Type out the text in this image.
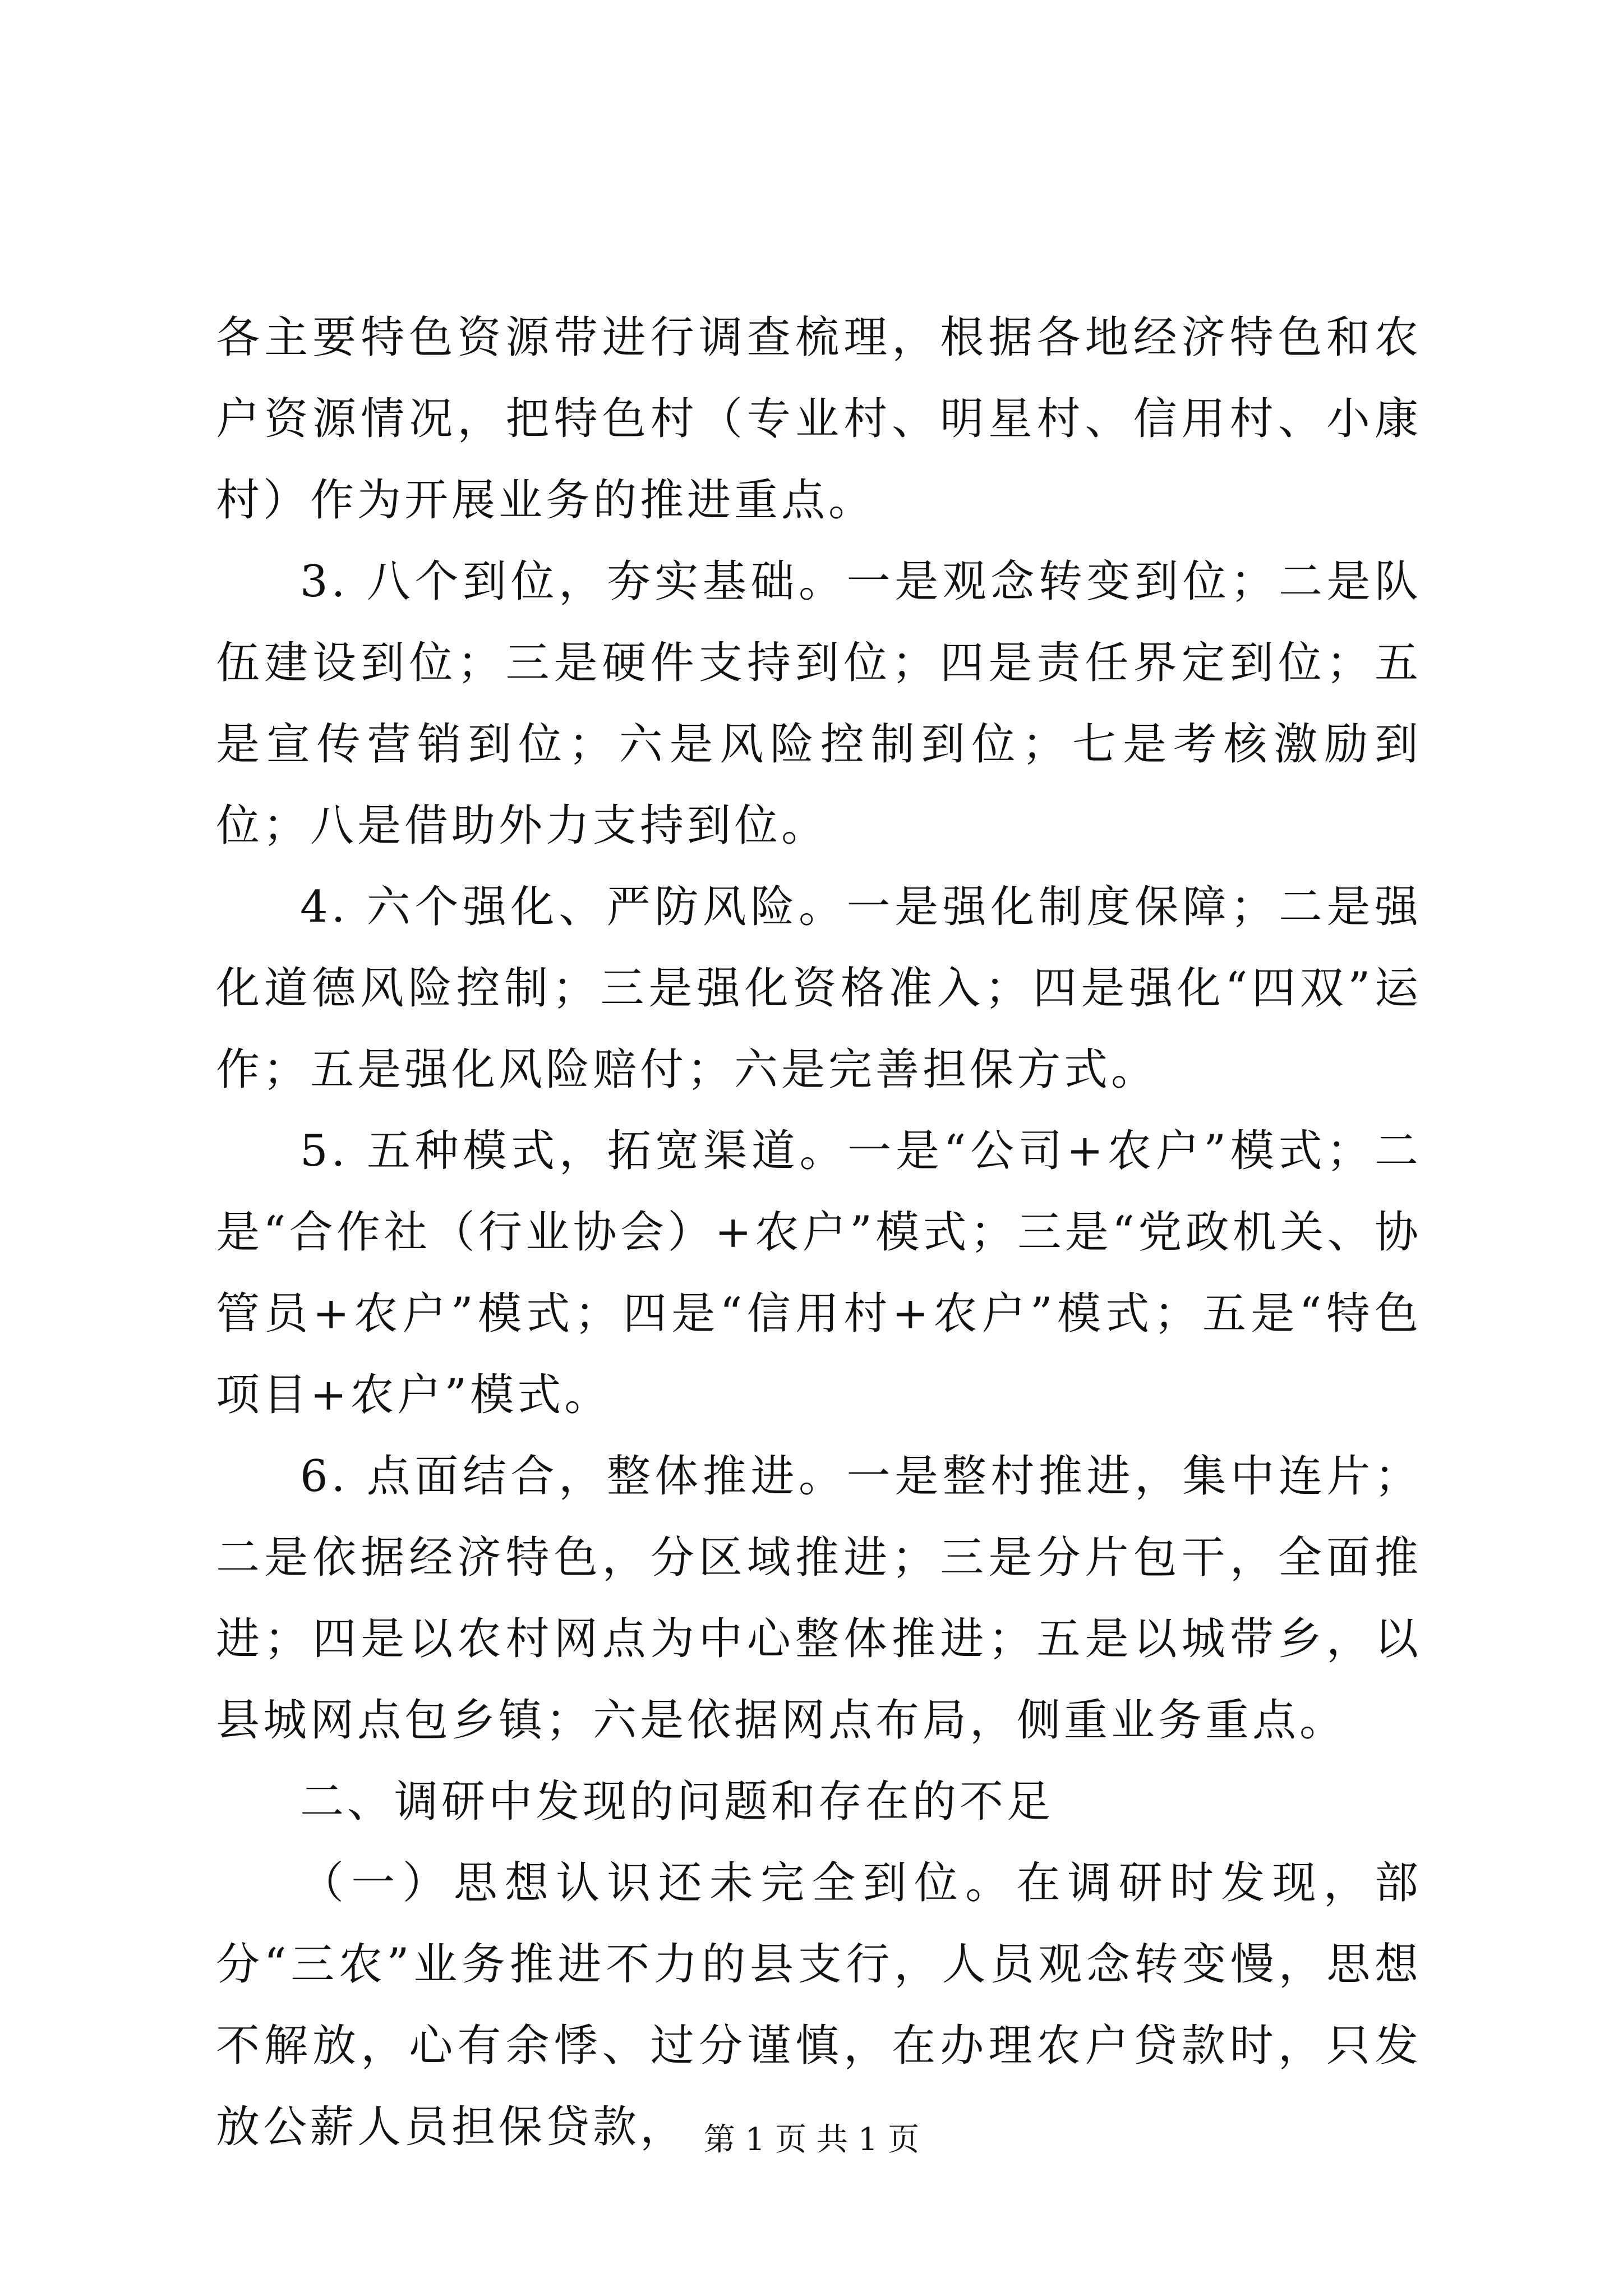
各主要特色资源带进行调查梳理，根据各地经济特色和农户资源情况，把特色村（专业村、明星村、信用村、小康村）作为开展业务的推进重点。

3. 八个到位，夯实基础。一是观念转变到位；二是队伍建设到位；三是硬件支持到位；四是责任界定到位；五是宣传营销到位；六是风险控制到位；七是考核激励到位；八是借助外力支持到位。

4. 六个强化、严防风险。一是强化制度保障；二是强化道德风险控制；三是强化资格准入；四是强化“四双”运作；五是强化风险赔付；六是完善担保方式。

5. 五种模式，拓宽渠道。一是“公司+农户”模式；二是“合作社（行业协会）+农户”模式；三是“党政机关、协管员+农户”模式；四是“信用村+农户”模式；五是“特色项目+农户”模式。

6. 点面结合，整体推进。一是整村推进，集中连片；二是依据经济特色，分区域推进；三是分片包干，全面推进；四是以农村网点为中心整体推进；五是以城带乡，以县城网点包乡镇；六是依据网点布局，侧重业务重点。

二、调研中发现的问题和存在的不足

（一）思想认识还未完全到位。在调研时发现，部分“三农”业务推进不力的县支行，人员观念转变慢，思想不解放，心有余悸、过分谨慎，在办理农户贷款时，只发放公薪人员担保贷款， 第 1 页 共 1 页
